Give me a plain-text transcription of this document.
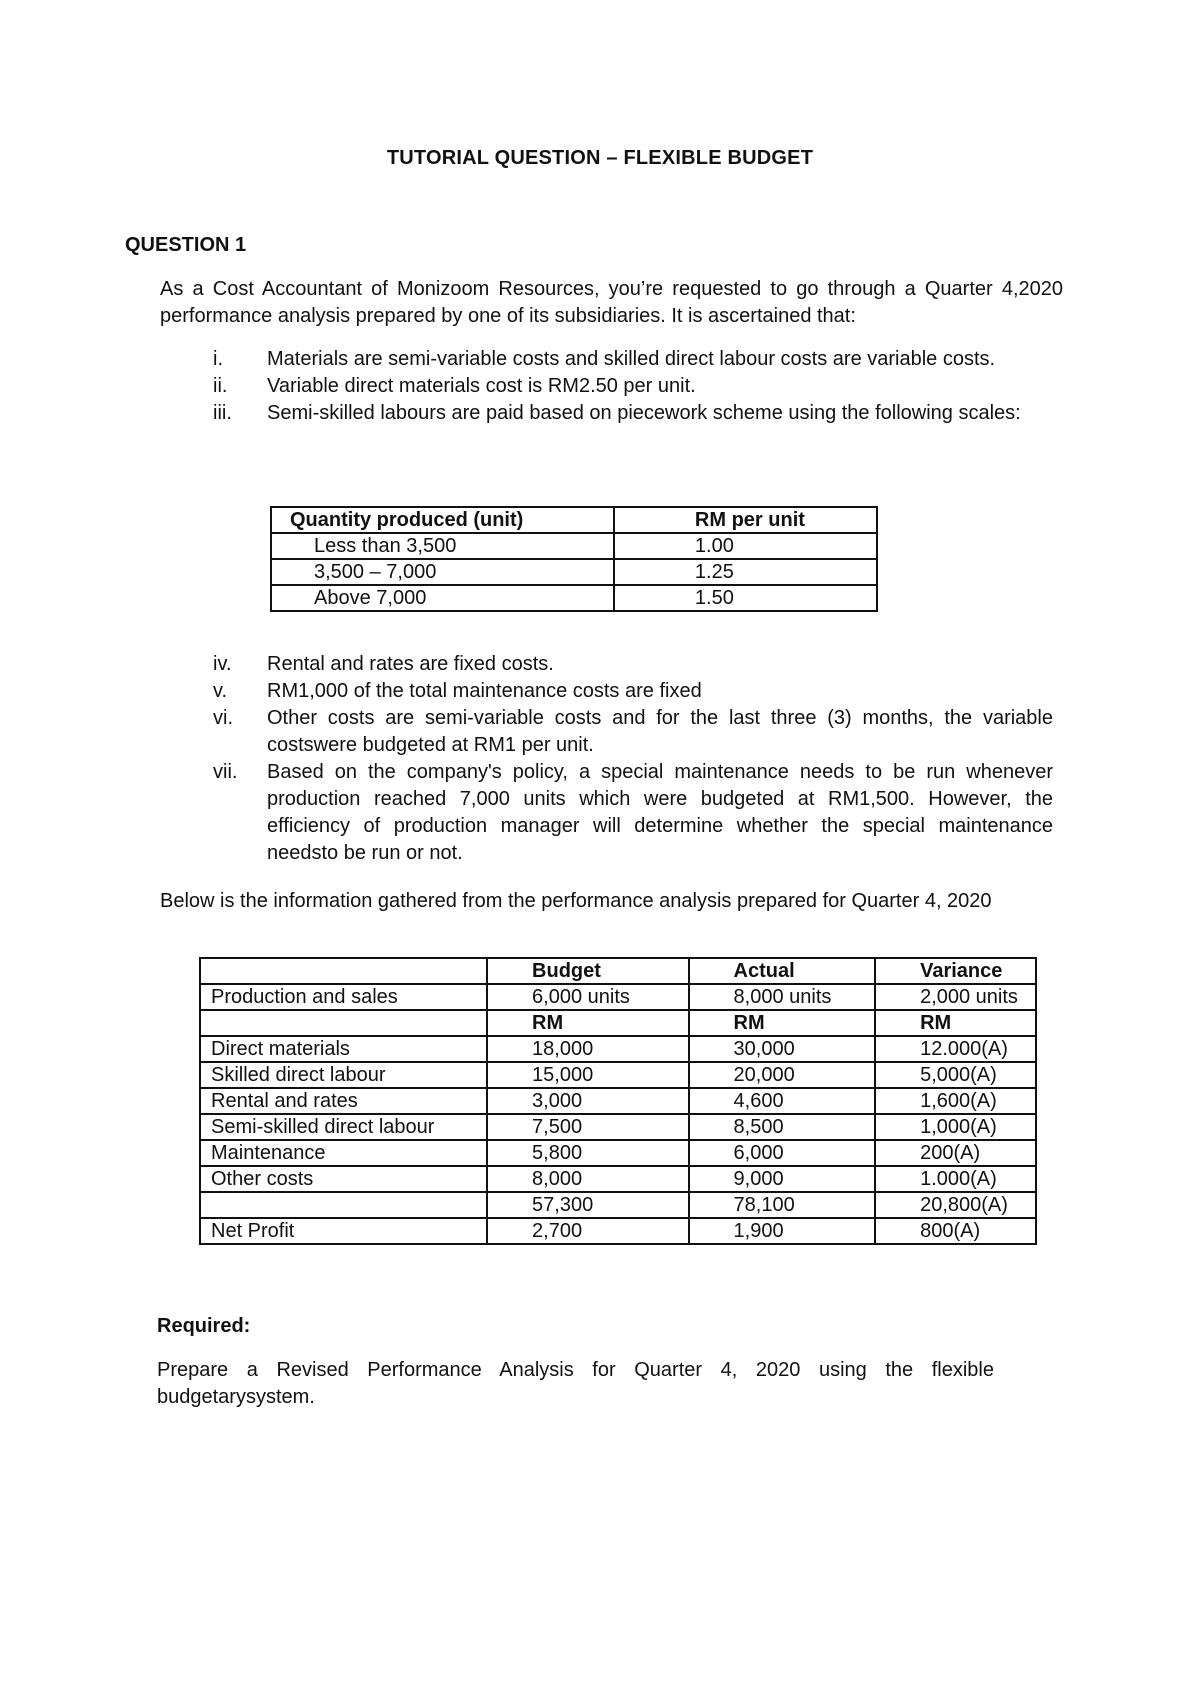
TUTORIAL QUESTION – FLEXIBLE BUDGET
QUESTION 1
As a Cost Accountant of Monizoom Resources, you’re requested to go through a Quarter 4,2020 performance analysis prepared by one of its subsidiaries. It is ascertained that:
i. Materials are semi-variable costs and skilled direct labour costs are variable costs.
ii. Variable direct materials cost is RM2.50 per unit.
iii. Semi-skilled labours are paid based on piecework scheme using the following scales:
Quantity produced (unit)	RM per unit
Less than 3,500	1.00
3,500 – 7,000	1.25
Above 7,000	1.50
iv. Rental and rates are fixed costs.
v. RM1,000 of the total maintenance costs are fixed
vi. Other costs are semi-variable costs and for the last three (3) months, the variable costswere budgeted at RM1 per unit.
vii. Based on the company's policy, a special maintenance needs to be run whenever production reached 7,000 units which were budgeted at RM1,500. However, the efficiency of production manager will determine whether the special maintenance needsto be run or not.
Below is the information gathered from the performance analysis prepared for Quarter 4, 2020
	Budget	Actual	Variance
Production and sales	6,000 units	8,000 units	2,000 units
	RM	RM	RM
Direct materials	18,000	30,000	12.000(A)
Skilled direct labour	15,000	20,000	5,000(A)
Rental and rates	3,000	4,600	1,600(A)
Semi-skilled direct labour	7,500	8,500	1,000(A)
Maintenance	5,800	6,000	200(A)
Other costs	8,000	9,000	1.000(A)
	57,300	78,100	20,800(A)
Net Profit	2,700	1,900	800(A)
Required:
Prepare a Revised Performance Analysis for Quarter 4, 2020 using the flexible budgetarysystem.
